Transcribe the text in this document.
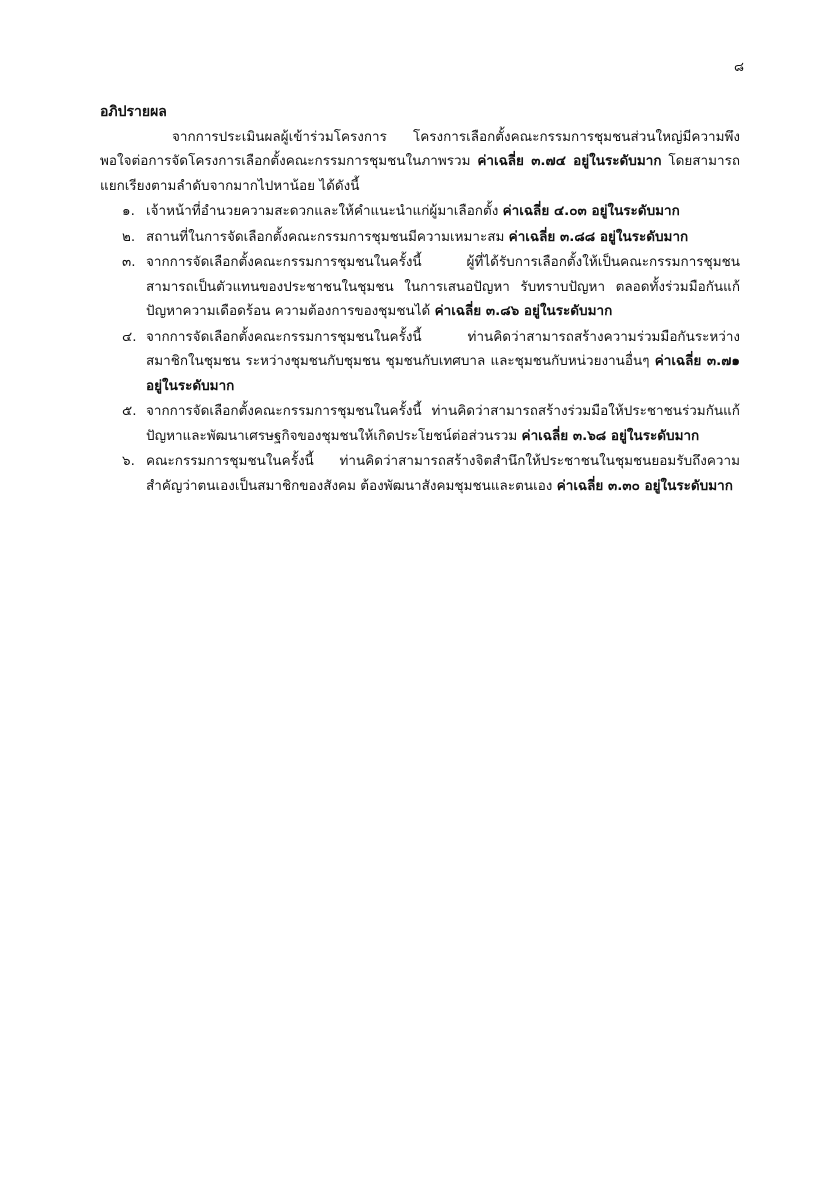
๘

อภิปรายผล

จากการประเมินผลผู้เข้าร่วมโครงการ โครงการเลือกตั้งคณะกรรมการชุมชนส่วนใหญ่มีความพึงพอใจต่อการจัดโครงการเลือกตั้งคณะกรรมการชุมชนในภาพรวม ค่าเฉลี่ย ๓.๗๔ อยู่ในระดับมาก โดยสามารถแยกเรียงตามลำดับจากมากไปหาน้อย ได้ดังนี้

๑. เจ้าหน้าที่อำนวยความสะดวกและให้คำแนะนำแก่ผู้มาเลือกตั้ง ค่าเฉลี่ย ๔.๐๓ อยู่ในระดับมาก
๒. สถานที่ในการจัดเลือกตั้งคณะกรรมการชุมชนมีความเหมาะสม ค่าเฉลี่ย ๓.๘๘ อยู่ในระดับมาก
๓. จากการจัดเลือกตั้งคณะกรรมการชุมชนในครั้งนี้ ผู้ที่ได้รับการเลือกตั้งให้เป็นคณะกรรมการชุมชนสามารถเป็นตัวแทนของประชาชนในชุมชน ในการเสนอปัญหา รับทราบปัญหา ตลอดทั้งร่วมมือกันแก้ปัญหาความเดือดร้อน ความต้องการของชุมชนได้ ค่าเฉลี่ย ๓.๘๖ อยู่ในระดับมาก
๔. จากการจัดเลือกตั้งคณะกรรมการชุมชนในครั้งนี้ ท่านคิดว่าสามารถสร้างความร่วมมือกันระหว่างสมาชิกในชุมชน ระหว่างชุมชนกับชุมชน ชุมชนกับเทศบาล และชุมชนกับหน่วยงานอื่นๆ ค่าเฉลี่ย ๓.๗๑ อยู่ในระดับมาก
๕. จากการจัดเลือกตั้งคณะกรรมการชุมชนในครั้งนี้ ท่านคิดว่าสามารถสร้างร่วมมือให้ประชาชนร่วมกันแก้ปัญหาและพัฒนาเศรษฐกิจของชุมชนให้เกิดประโยชน์ต่อส่วนรวม ค่าเฉลี่ย ๓.๖๘ อยู่ในระดับมาก
๖. คณะกรรมการชุมชนในครั้งนี้ ท่านคิดว่าสามารถสร้างจิตสำนึกให้ประชาชนในชุมชนยอมรับถึงความสำคัญว่าตนเองเป็นสมาชิกของสังคม ต้องพัฒนาสังคมชุมชนและตนเอง ค่าเฉลี่ย ๓.๓๐ อยู่ในระดับมาก
